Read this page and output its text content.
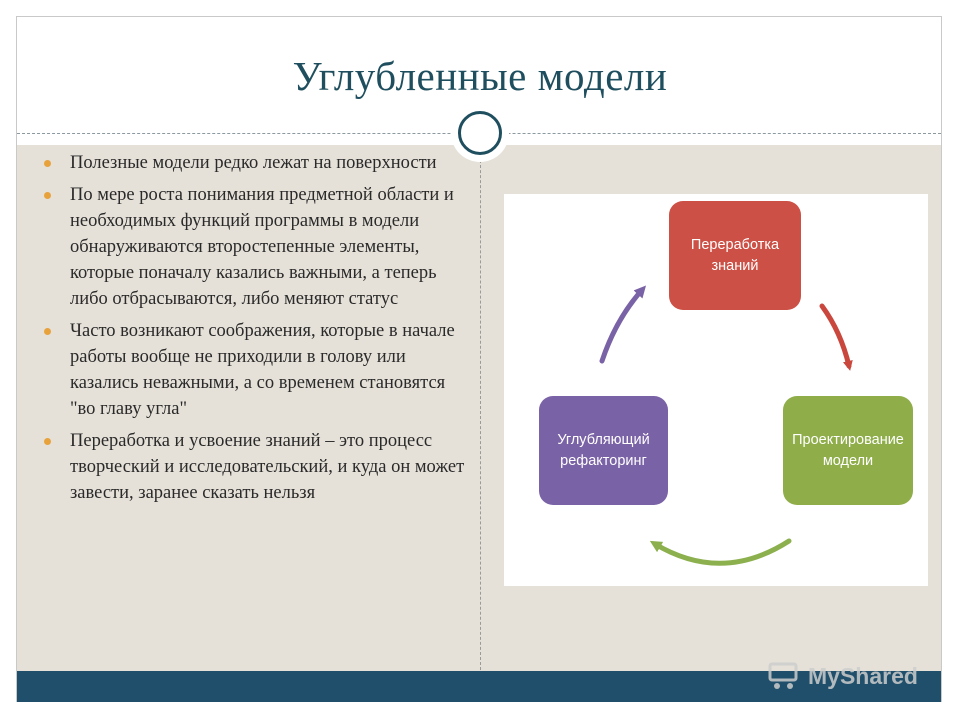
Углубленные модели
Полезные модели редко лежат на поверхности
По мере роста понимания предметной области и необходимых функций программы в модели обнаруживаются второстепенные элементы, которые поначалу казались важными, а теперь либо отбрасываются, либо меняют статус
Часто возникают соображения, которые в начале работы вообще не приходили в голову или казались неважными, а со временем становятся "во главу угла"
Переработка и усвоение знаний – это процесс творческий и исследовательский, и куда он может завести, заранее сказать нельзя
Переработка
знаний
Проектирование
модели
Углубляющий
рефакторинг
MyShared
